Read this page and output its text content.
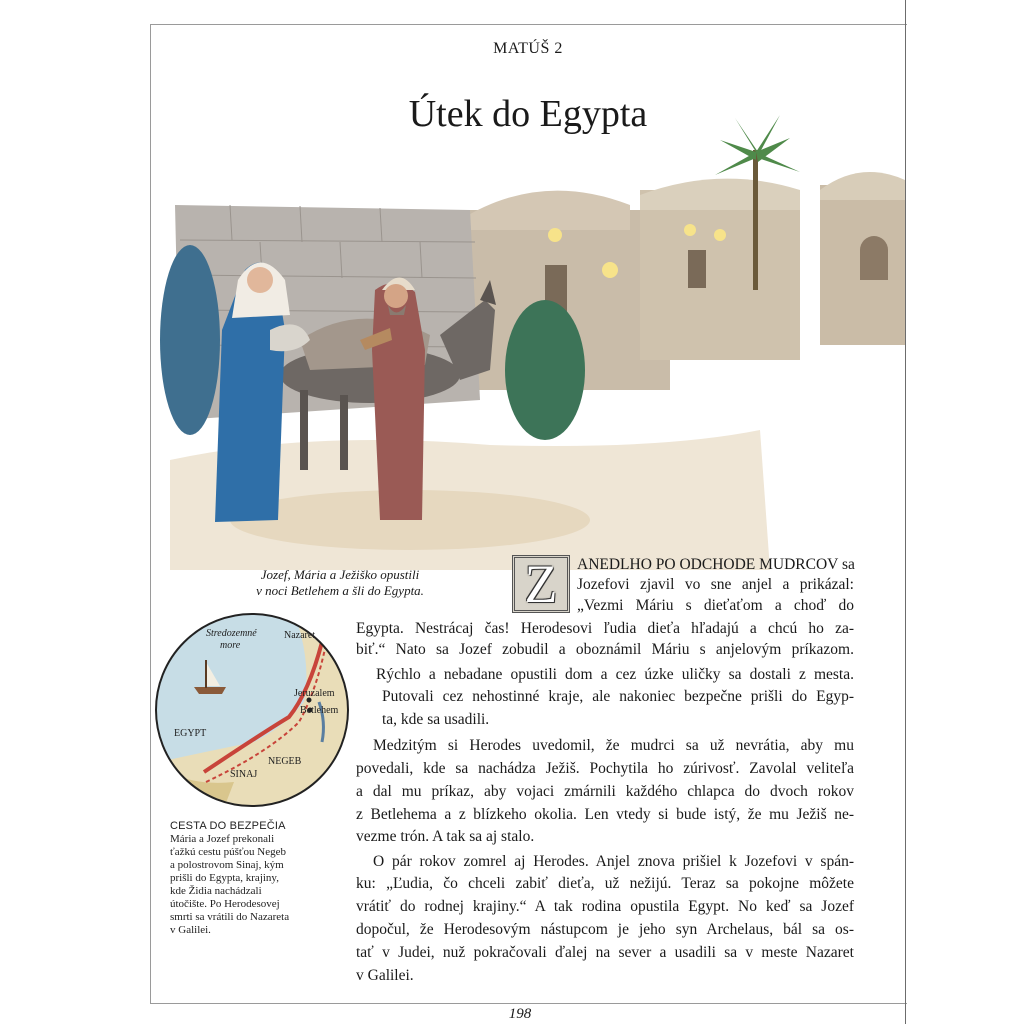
MATÚŠ 2
Útek do Egypta
Jozef, Mária a Ježiško opustili
v noci Betlehem a šli do Egypta.	Z	ANEDLHO PO ODCHODE MUDRCOV sa
Jozefovi zjavil vo sne anjel a prikázal:
„Vezmi Máriu s dieťaťom a choď do
Egypta. Nestrácaj čas! Herodesovi ľudia dieťa hľadajú a chcú ho za-
biť.“ Nato sa Jozef zobudil a oboznámil Máriu s anjelovým príkazom.
Rýchlo a nebadane opustili dom a cez úzke uličky sa dostali z mesta.
Putovali cez nehostinné kraje, ale nakoniec bezpečne prišli do Egyp-
ta, kde sa usadili.
Medzitým si Herodes uvedomil, že mudrci sa už nevrátia, aby mu
povedali, kde sa nachádza Ježiš. Pochytila ho zúrivosť. Zavolal veliteľa
a dal mu príkaz, aby vojaci zmárnili každého chlapca do dvoch rokov
z Betlehema a z blízkeho okolia. Len vtedy si bude istý, že mu Ježiš ne-
vezme trón. A tak sa aj stalo.
O pár rokov zomrel aj Herodes. Anjel znova prišiel k Jozefovi v spán-
ku: „Ľudia, čo chceli zabiť dieťa, už nežijú. Teraz sa pokojne môžete
vrátiť do rodnej krajiny.“ A tak rodina opustila Egypt. No keď sa Jozef
dopočul, že Herodesovým nástupcom je jeho syn Archelaus, bál sa os-
tať v Judei, nuž pokračovali ďalej na sever a usadili sa v meste Nazaret
v Galilei.
Stredozemné
more
Nazaret
Jeruzalem
Betlehem
EGYPT
NEGEB
SINAJ
CESTA DO BEZPEČIA
Mária a Jozef prekonali
ťažkú cestu púšťou Negeb
a polostrovom Sinaj, kým
prišli do Egypta, krajiny,
kde Židia nachádzali
útočište. Po Herodesovej
smrti sa vrátili do Nazareta
v Galilei.
198
